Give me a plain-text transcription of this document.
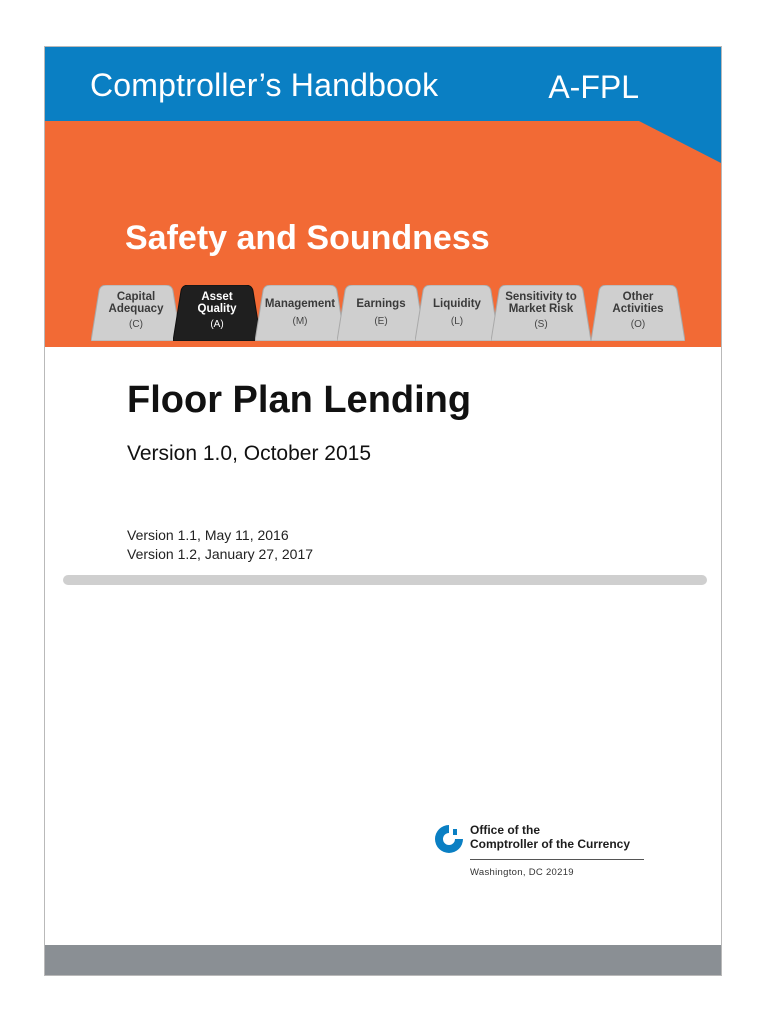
Comptroller’s Handbook	A-FPL
Safety and Soundness
Capital
Adequacy
(C)
Asset
Quality
(A)
Management
(M)
Earnings
(E)
Liquidity
(L)
Sensitivity to
Market Risk
(S)
Other
Activities
(O)
Floor Plan Lending
Version 1.0, October 2015
Version 1.1, May 11, 2016
Version 1.2, January 27, 2017
Office of the
Comptroller of the Currency
Washington, DC 20219
